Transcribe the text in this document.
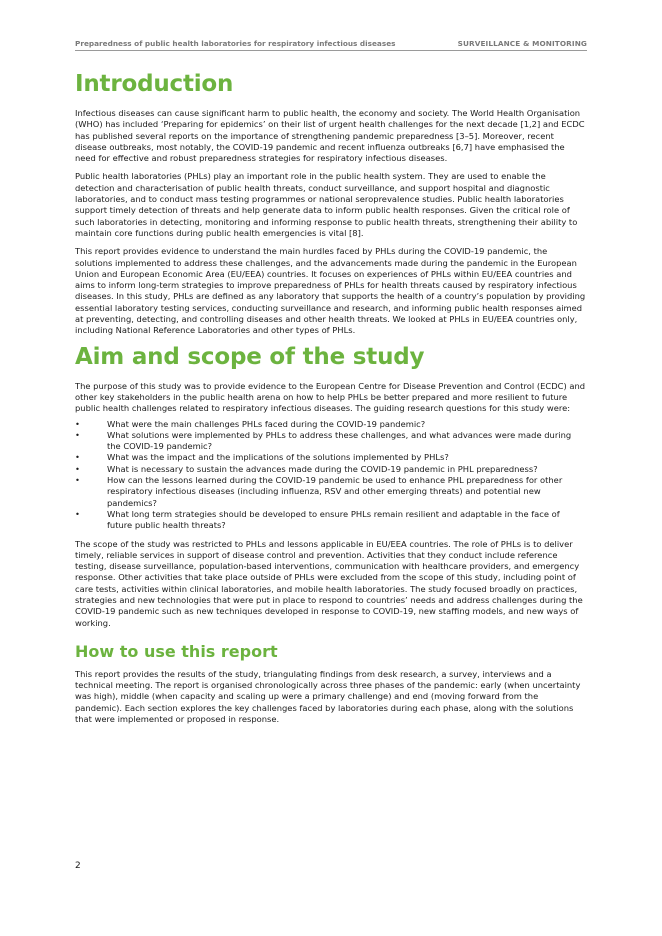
Preparedness of public health laboratories for respiratory infectious diseases	SURVEILLANCE & MONITORING
Introduction

Infectious diseases can cause significant harm to public health, the economy and society. The World Health Organisation (WHO) has included ‘Preparing for epidemics’ on their list of urgent health challenges for the next decade [1,2] and ECDC has published several reports on the importance of strengthening pandemic preparedness [3–5]. Moreover, recent disease outbreaks, most notably, the COVID-19 pandemic and recent influenza outbreaks [6,7] have emphasised the need for effective and robust preparedness strategies for respiratory infectious diseases.

Public health laboratories (PHLs) play an important role in the public health system. They are used to enable the detection and characterisation of public health threats, conduct surveillance, and support hospital and diagnostic laboratories, and to conduct mass testing programmes or national seroprevalence studies. Public health laboratories support timely detection of threats and help generate data to inform public health responses. Given the critical role of such laboratories in detecting, monitoring and informing response to public health threats, strengthening their ability to maintain core functions during public health emergencies is vital [8].

This report provides evidence to understand the main hurdles faced by PHLs during the COVID-19 pandemic, the solutions implemented to address these challenges, and the advancements made during the pandemic in the European Union and European Economic Area (EU/EEA) countries. It focuses on experiences of PHLs within EU/EEA countries and aims to inform long-term strategies to improve preparedness of PHLs for health threats caused by respiratory infectious diseases. In this study, PHLs are defined as any laboratory that supports the health of a country’s population by providing essential laboratory testing services, conducting surveillance and research, and informing public health responses aimed at preventing, detecting, and controlling diseases and other health threats. We looked at PHLs in EU/EEA countries only, including National Reference Laboratories and other types of PHLs.

Aim and scope of the study

The purpose of this study was to provide evidence to the European Centre for Disease Prevention and Control (ECDC) and other key stakeholders in the public health arena on how to help PHLs be better prepared and more resilient to future public health challenges related to respiratory infectious diseases. The guiding research questions for this study were:

•	What were the main challenges PHLs faced during the COVID-19 pandemic?
•	What solutions were implemented by PHLs to address these challenges, and what advances were made during the COVID-19 pandemic?
•	What was the impact and the implications of the solutions implemented by PHLs?
•	What is necessary to sustain the advances made during the COVID-19 pandemic in PHL preparedness?
•	How can the lessons learned during the COVID-19 pandemic be used to enhance PHL preparedness for other respiratory infectious diseases (including influenza, RSV and other emerging threats) and potential new pandemics?
•	What long term strategies should be developed to ensure PHLs remain resilient and adaptable in the face of future public health threats?

The scope of the study was restricted to PHLs and lessons applicable in EU/EEA countries. The role of PHLs is to deliver timely, reliable services in support of disease control and prevention. Activities that they conduct include reference testing, disease surveillance, population-based interventions, communication with healthcare providers, and emergency response. Other activities that take place outside of PHLs were excluded from the scope of this study, including point of care tests, activities within clinical laboratories, and mobile health laboratories. The study focused broadly on practices, strategies and new technologies that were put in place to respond to countries’ needs and address challenges during the COVID-19 pandemic such as new techniques developed in response to COVID-19, new staffing models, and new ways of working.

How to use this report

This report provides the results of the study, triangulating findings from desk research, a survey, interviews and a technical meeting. The report is organised chronologically across three phases of the pandemic: early (when uncertainty was high), middle (when capacity and scaling up were a primary challenge) and end (moving forward from the pandemic). Each section explores the key challenges faced by laboratories during each phase, along with the solutions that were implemented or proposed in response.

2
